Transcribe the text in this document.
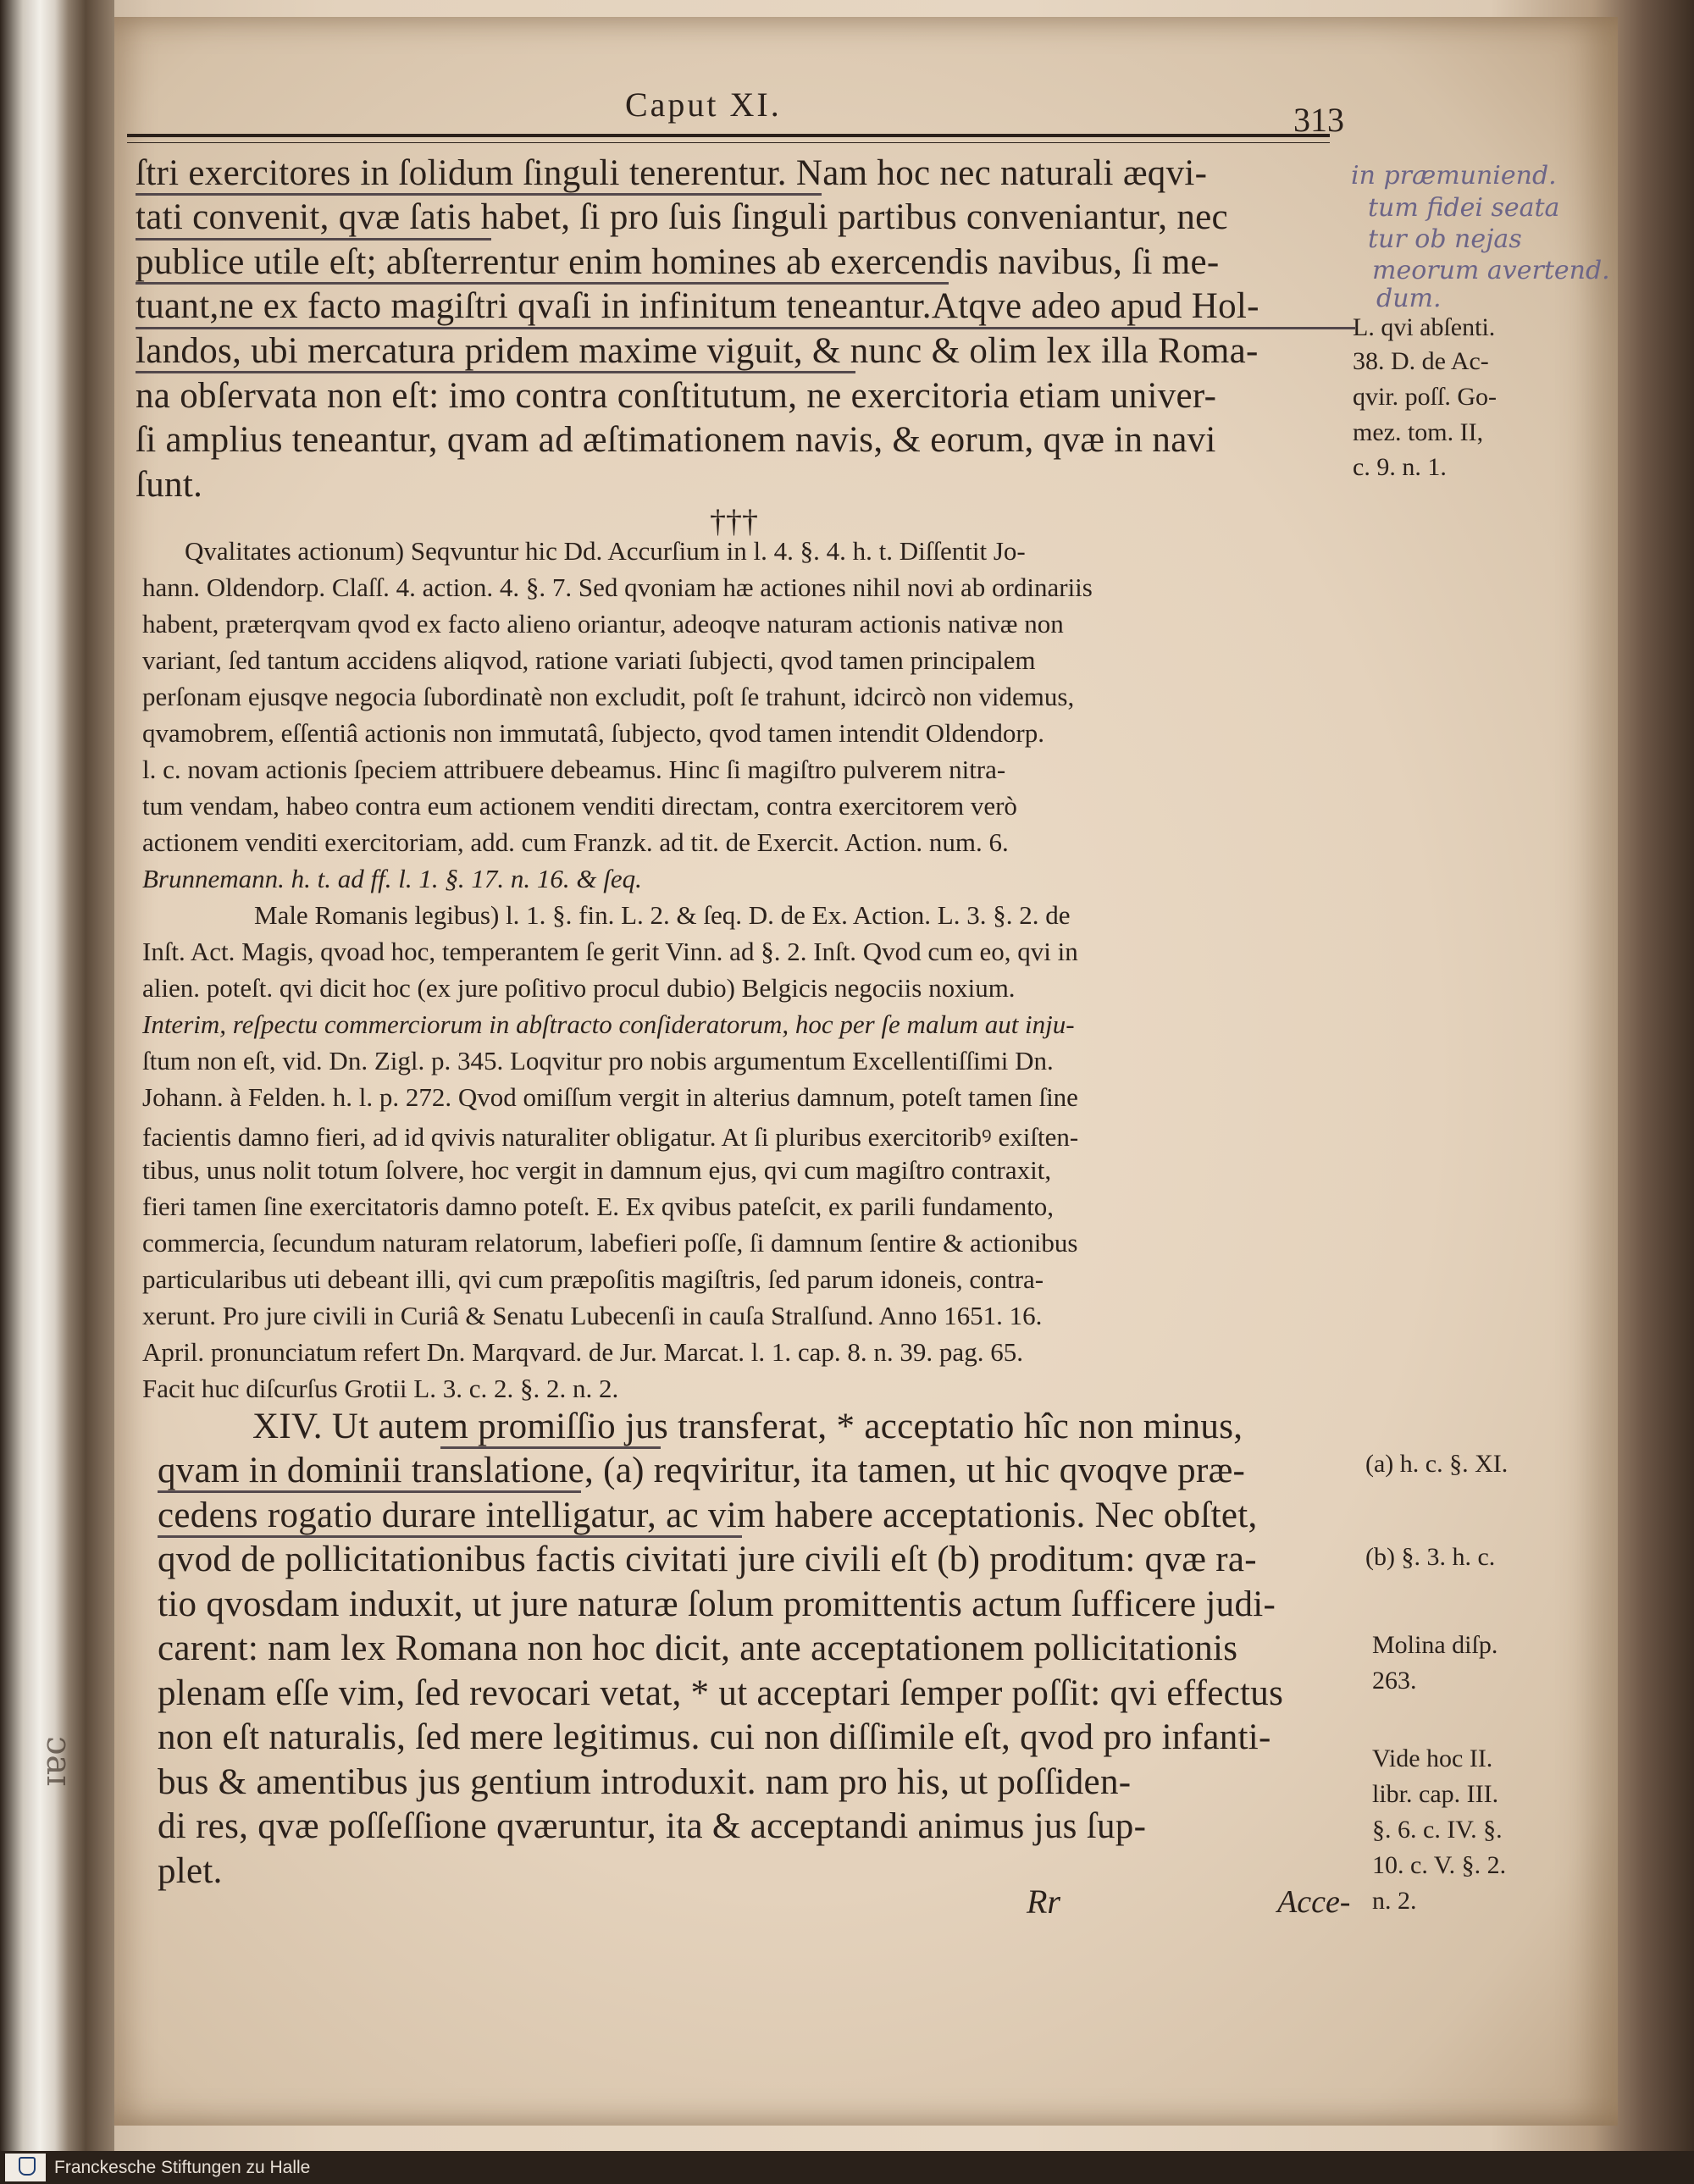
ɔaɪ
Caput XI.	313
ſtri exercitores in ſolidum ſinguli tenerentur. Nam hoc nec naturali æqvi-
tati convenit, qvæ ſatis habet, ſi pro ſuis ſinguli partibus conveniantur, nec
publice utile eſt; abſterrentur enim homines ab exercendis navibus, ſi me-
tuant,ne ex facto magiſtri qvaſi in infinitum teneantur.Atqve adeo apud Hol-
landos, ubi mercatura pridem maxime viguit, & nunc & olim lex illa Roma-
na obſervata non eſt: imo contra conſtitutum, ne exercitoria etiam univer-
ſi amplius teneantur, qvam ad æſtimationem navis, & eorum, qvæ in navi
ſunt.
in præmuniend.
tum fidei seata
tur ob nejas
meorum avertend.
dum.
L. qvi abſenti.
38. D. de Ac-
qvir. poſſ. Go-
mez. tom. II,
c. 9. n. 1.
†††
Qvalitates actionum) Seqvuntur hic Dd. Accurſium in l. 4. §. 4. h. t. Diſſentit Jo-
hann. Oldendorp. Claſſ. 4. action. 4. §. 7. Sed qvoniam hæ actiones nihil novi ab ordinariis
habent, præterqvam qvod ex facto alieno oriantur, adeoqve naturam actionis nativæ non
variant, ſed tantum accidens aliqvod, ratione variati ſubjecti, qvod tamen principalem
perſonam ejusqve negocia ſubordinatè non excludit, poſt ſe trahunt, idcircò non videmus,
qvamobrem, eſſentiâ actionis non immutatâ, ſubjecto, qvod tamen intendit Oldendorp.
l. c. novam actionis ſpeciem attribuere debeamus. Hinc ſi magiſtro pulverem nitra-
tum vendam, habeo contra eum actionem venditi directam, contra exercitorem verò
actionem venditi exercitoriam, add. cum Franzk. ad tit. de Exercit. Action. num. 6.
Brunnemann. h. t. ad ff. l. 1. §. 17. n. 16. & ſeq.
Male Romanis legibus) l. 1. §. fin. L. 2. & ſeq. D. de Ex. Action. L. 3. §. 2. de
Inſt. Act. Magis, qvoad hoc, temperantem ſe gerit Vinn. ad §. 2. Inſt. Qvod cum eo, qvi in
alien. poteſt. qvi dicit hoc (ex jure poſitivo procul dubio) Belgicis negociis noxium.
Interim, reſpectu commerciorum in abſtracto conſideratorum, hoc per ſe malum aut inju-
ſtum non eſt, vid. Dn. Zigl. p. 345. Loqvitur pro nobis argumentum Excellentiſſimi Dn.
Johann. à Felden. h. l. p. 272. Qvod omiſſum vergit in alterius damnum, poteſt tamen ſine
facientis damno fieri, ad id qvivis naturaliter obligatur. At ſi pluribus exercitoribꝰ exiſten-
tibus, unus nolit totum ſolvere, hoc vergit in damnum ejus, qvi cum magiſtro contraxit,
fieri tamen ſine exercitatoris damno poteſt. E. Ex qvibus pateſcit, ex parili fundamento,
commercia, ſecundum naturam relatorum, labefieri poſſe, ſi damnum ſentire & actionibus
particularibus uti debeant illi, qvi cum præpoſitis magiſtris, ſed parum idoneis, contra-
xerunt. Pro jure civili in Curiâ & Senatu Lubecenſi in cauſa Stralſund. Anno 1651. 16.
April. pronunciatum refert Dn. Marqvard. de Jur. Marcat. l. 1. cap. 8. n. 39. pag. 65.
Facit huc diſcurſus Grotii L. 3. c. 2. §. 2. n. 2.
XIV. Ut autem promiſſio jus transferat, * acceptatio hîc non minus,
qvam in dominii translatione, (a) reqviritur, ita tamen, ut hic qvoqve præ-
cedens rogatio durare intelligatur, ac vim habere acceptationis. Nec obſtet,
qvod de pollicitationibus factis civitati jure civili eſt (b) proditum: qvæ ra-
tio qvosdam induxit, ut jure naturæ ſolum promittentis actum ſufficere judi-
carent: nam lex Romana non hoc dicit, ante acceptationem pollicitationis
plenam eſſe vim, ſed revocari vetat, * ut acceptari ſemper poſſit: qvi effectus
non eſt naturalis, ſed mere legitimus. cui non diſſimile eſt, qvod pro infanti-
bus & amentibus jus gentium introduxit. nam pro his, ut poſſiden-
di res, qvæ poſſeſſione qværuntur, ita & acceptandi animus jus ſup-
plet.
(a) h. c. §. XI.
(b) §. 3. h. c.
Molina diſp.
263.
Vide hoc II.
libr. cap. III.
§. 6. c. IV. §.
10. c. V. §. 2.
n. 2.
Rr	Acce-
Franckesche Stiftungen zu Halle
